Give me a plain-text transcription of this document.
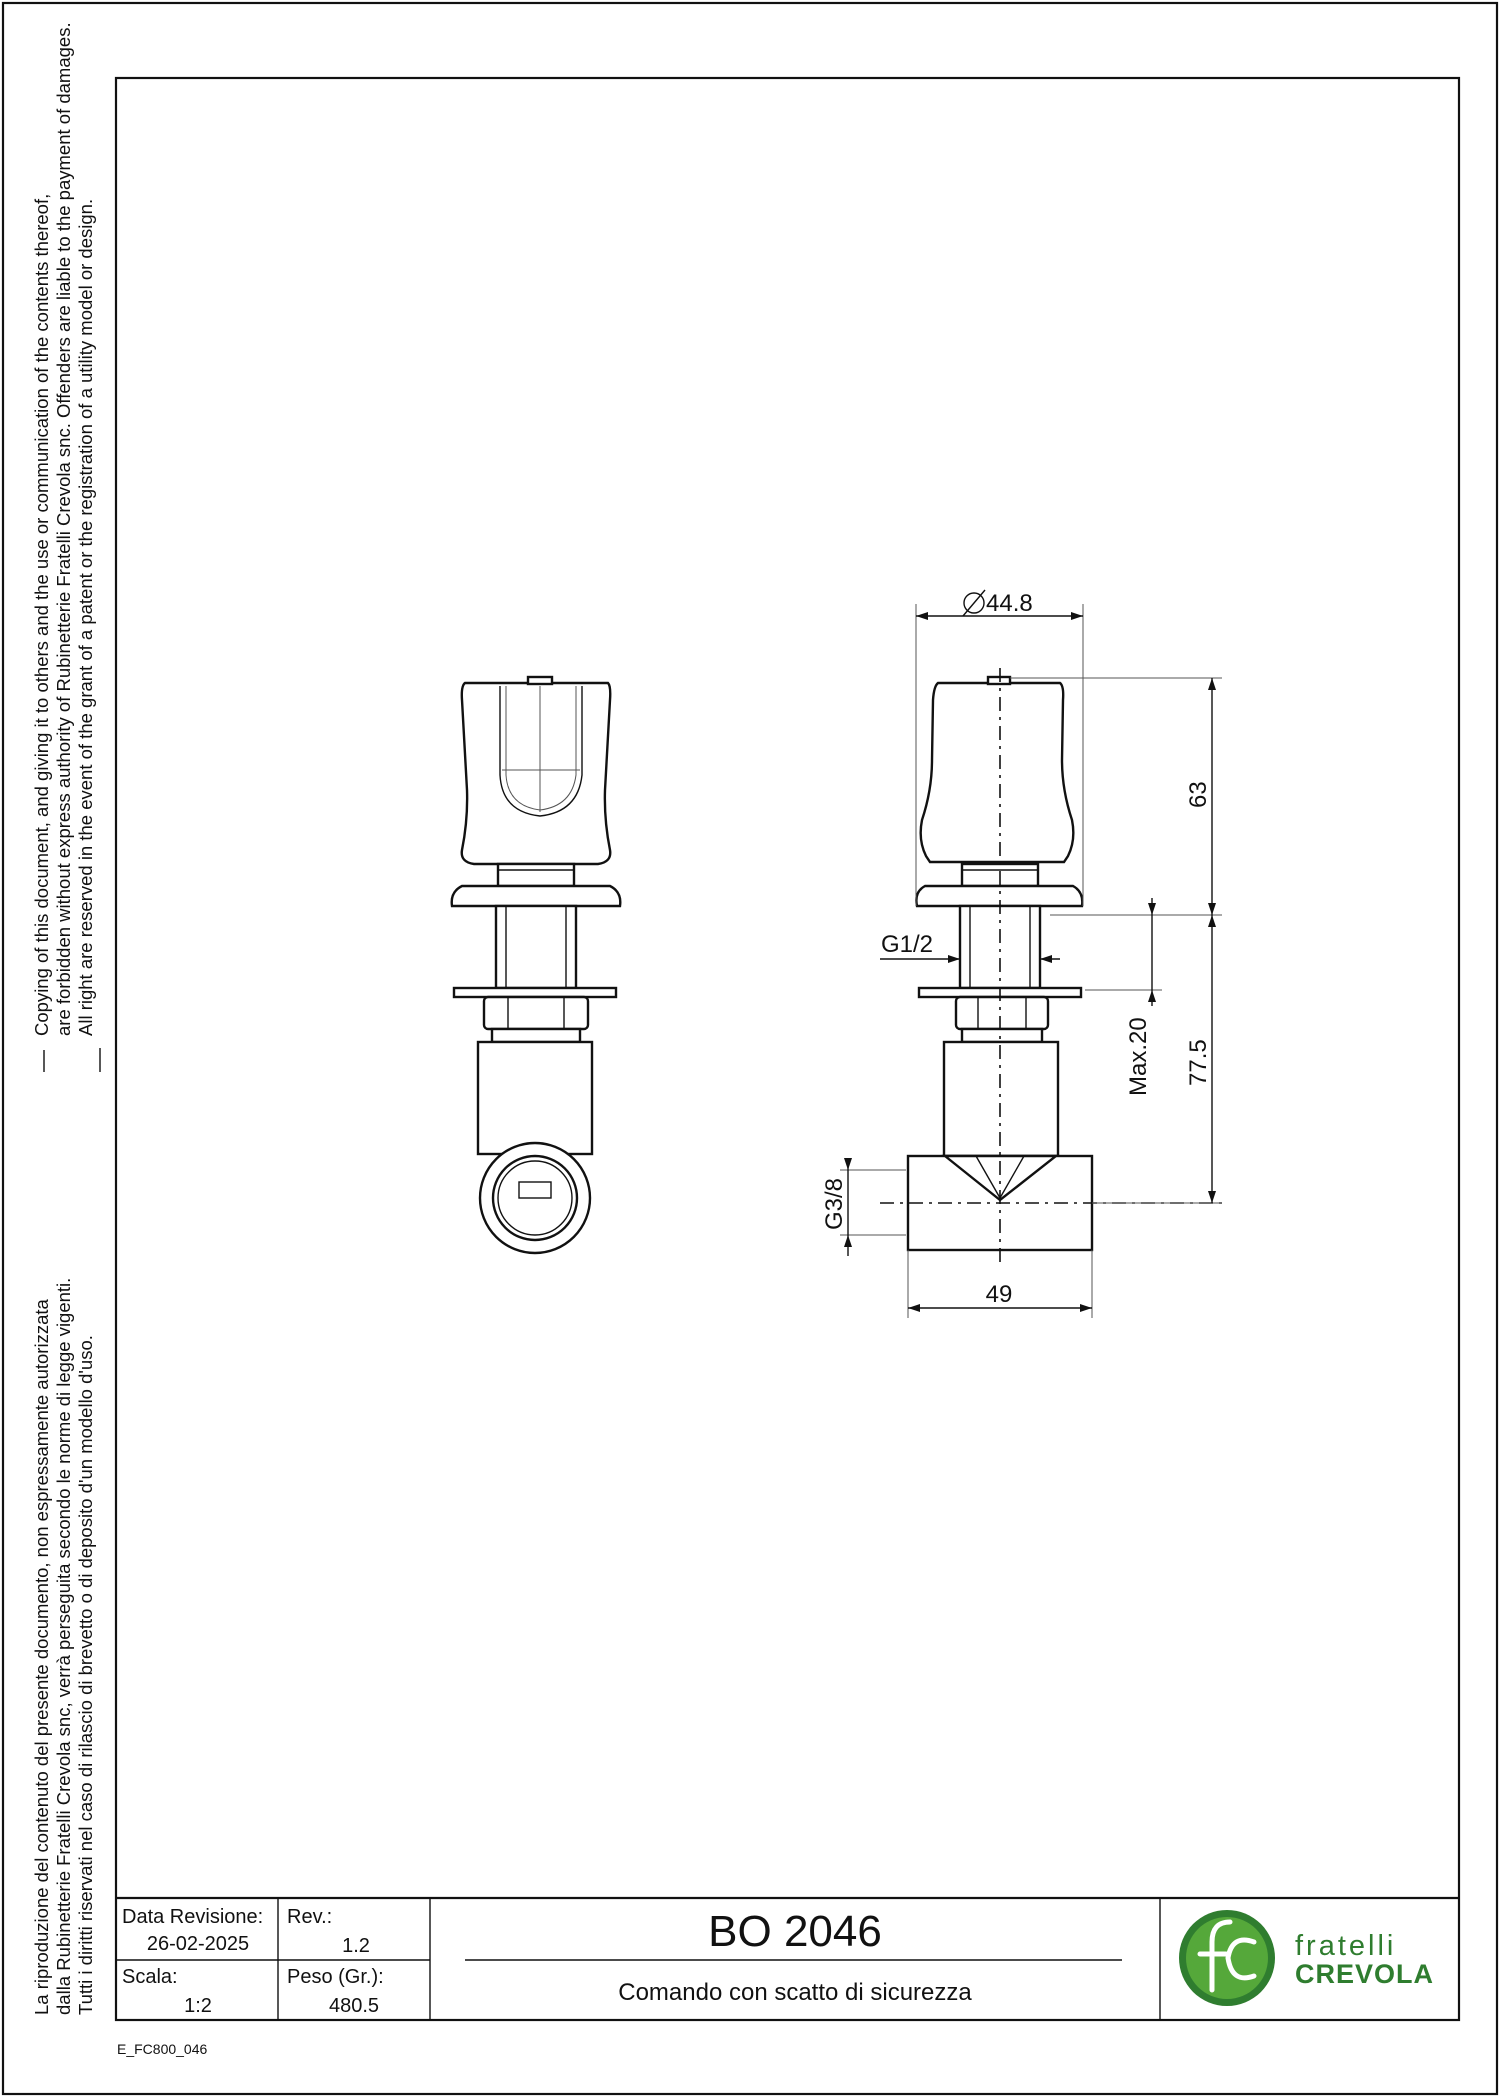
Copying of this document, and giving it to others and the use or communication of the contents thereof, are forbidden without express authority of Rubinetterie Fratelli Crevola snc. Offenders are liable to the payment of damages. All right are reserved in the event of the grant of a patent or the registration of a utility model or design.
La riproduzione del contenuto del presente documento, non espressamente autorizzata dalla Rubinetterie Fratelli Crevola snc, verrà perseguita secondo le norme di legge vigenti. Tutti i diritti riservati nel caso di rilascio di brevetto o di deposito d'un modello d'uso.
44.8
63
77.5
Max.20
G1/2
G3/8
49
Data Revisione:
26-02-2025
Rev.:
1.2
Scala:
1:2
Peso (Gr.):
480.5
BO 2046
Comando con scatto di sicurezza
fratelli
CREVOLA
E_FC800_046
